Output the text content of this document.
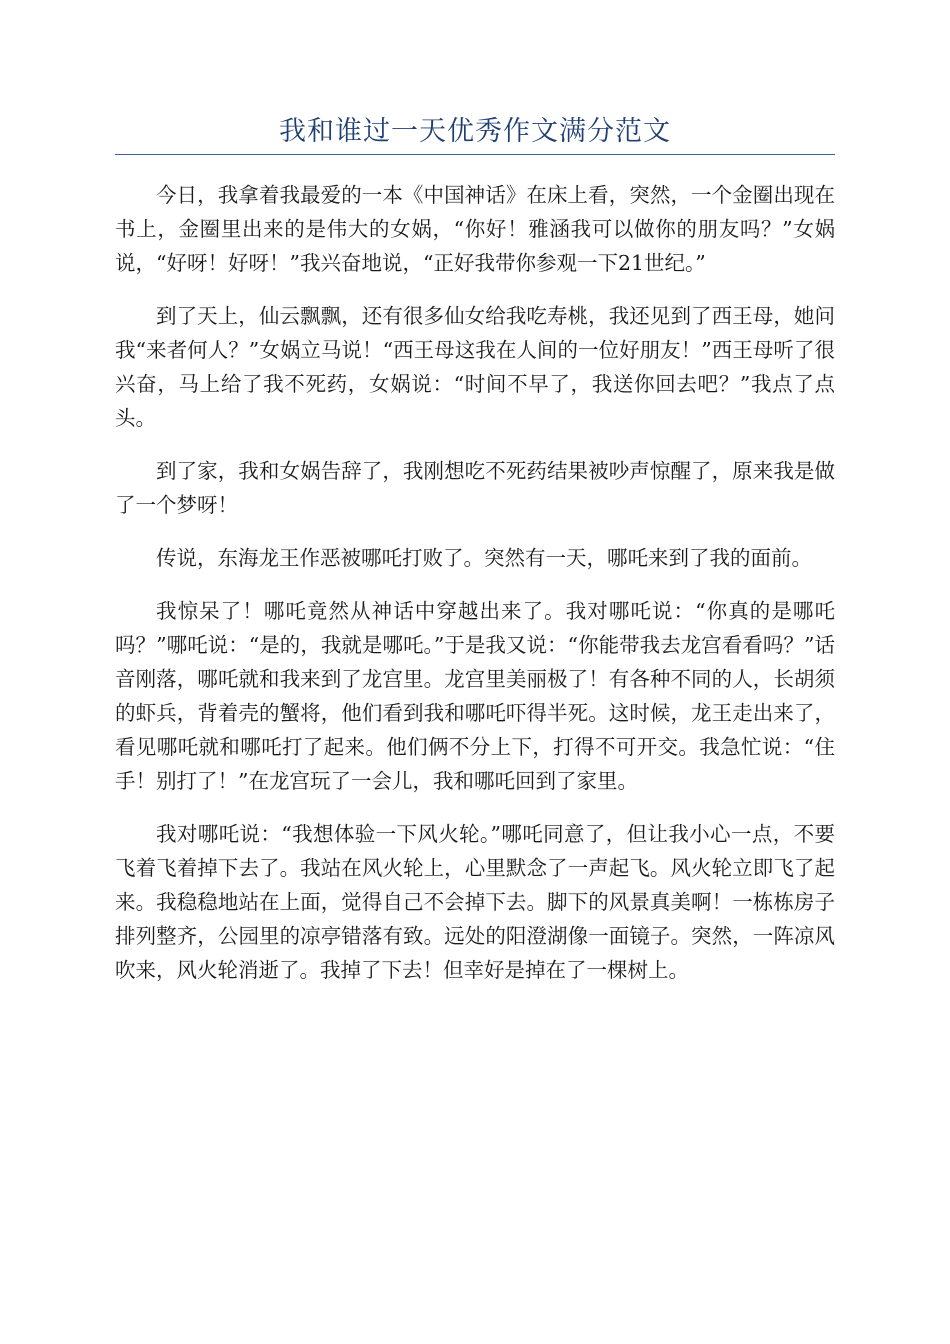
我和谁过一天优秀作文满分范文

今日，我拿着我最爱的一本《中国神话》在床上看，突然，一个金圈出现在书上，金圈里出来的是伟大的女娲，“你好！雅涵我可以做你的朋友吗？”女娲说，“好呀！好呀！”我兴奋地说，“正好我带你参观一下21世纪。”

到了天上，仙云飘飘，还有很多仙女给我吃寿桃，我还见到了西王母，她问我“来者何人？”女娲立马说！“西王母这我在人间的一位好朋友！”西王母听了很兴奋，马上给了我不死药，女娲说：“时间不早了，我送你回去吧？”我点了点头。

到了家，我和女娲告辞了，我刚想吃不死药结果被吵声惊醒了，原来我是做了一个梦呀！

传说，东海龙王作恶被哪吒打败了。突然有一天，哪吒来到了我的面前。

我惊呆了！哪吒竟然从神话中穿越出来了。我对哪吒说：“你真的是哪吒吗？”哪吒说：“是的，我就是哪吒。”于是我又说：“你能带我去龙宫看看吗？”话音刚落，哪吒就和我来到了龙宫里。龙宫里美丽极了！有各种不同的人，长胡须的虾兵，背着壳的蟹将，他们看到我和哪吒吓得半死。这时候，龙王走出来了，看见哪吒就和哪吒打了起来。他们俩不分上下，打得不可开交。我急忙说：“住手！别打了！”在龙宫玩了一会儿，我和哪吒回到了家里。

我对哪吒说：“我想体验一下风火轮。”哪吒同意了，但让我小心一点，不要飞着飞着掉下去了。我站在风火轮上，心里默念了一声起飞。风火轮立即飞了起来。我稳稳地站在上面，觉得自己不会掉下去。脚下的风景真美啊！一栋栋房子排列整齐，公园里的凉亭错落有致。远处的阳澄湖像一面镜子。突然，一阵凉风吹来，风火轮消逝了。我掉了下去！但幸好是掉在了一棵树上。
